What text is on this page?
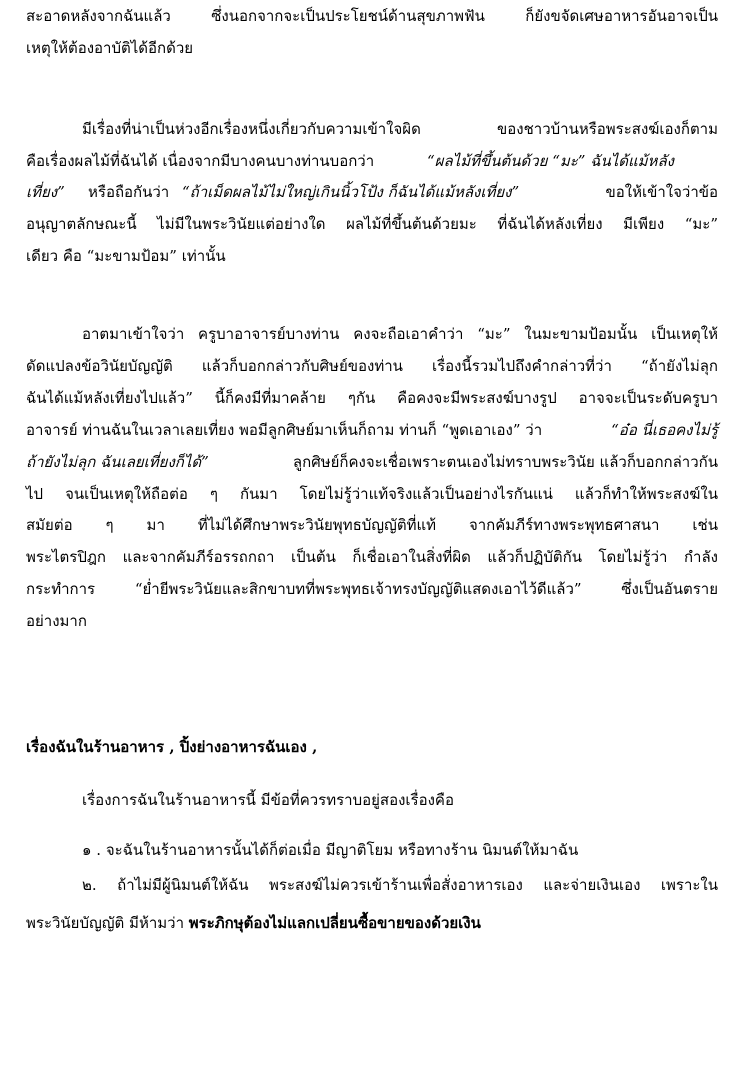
สะอาดหลังจากฉันแล้ว ซึ่งนอกจากจะเป็นประโยชน์ด้านสุขภาพฟัน ก็ยังขจัดเศษอาหารอันอาจเป็น
เหตุให้ต้องอาบัติได้อีกด้วย
มีเรื่องที่น่าเป็นห่วงอีกเรื่องหนึ่งเกี่ยวกับความเข้าใจผิด ของชาวบ้านหรือพระสงฆ์เองก็ตาม
คือเรื่องผลไม้ที่ฉันได้ เนื่องจากมีบางคนบางท่านบอกว่า	“ผลไม้ที่ขึ้นต้นด้วย “มะ” ฉันได้แม้หลัง
เที่ยง” หรือถือกันว่า “ถ้าเม็ดผลไม้ไม่ใหญ่เกินนิ้วโป้ง ก็ฉันได้แม้หลังเที่ยง”	ขอให้เข้าใจว่าข้อ
อนุญาตลักษณะนี้ ไม่มีในพระวินัยแต่อย่างใด ผลไม้ที่ขึ้นต้นด้วยมะ ที่ฉันได้หลังเที่ยง มีเพียง “มะ”
เดียว คือ “มะขามป้อม” เท่านั้น
อาตมาเข้าใจว่า ครูบาอาจารย์บางท่าน คงจะถือเอาคำว่า “มะ” ในมะขามป้อมนั้น เป็นเหตุให้
ดัดแปลงข้อวินัยบัญญัติ แล้วก็บอกกล่าวกับศิษย์ของท่าน เรื่องนี้รวมไปถึงคำกล่าวที่ว่า “ถ้ายังไม่ลุก
ฉันได้แม้หลังเที่ยงไปแล้ว” นี้ก็คงมีที่มาคล้าย ๆกัน คือคงจะมีพระสงฆ์บางรูป อาจจะเป็นระดับครูบา
อาจารย์ ท่านฉันในเวลาเลยเที่ยง พอมีลูกศิษย์มาเห็นก็ถาม ท่านก็ “พูดเอาเอง” ว่า	“อ๋อ นี่เธอคงไม่รู้
ถ้ายังไม่ลุก ฉันเลยเที่ยงก็ได้”	ลูกศิษย์ก็คงจะเชื่อเพราะตนเองไม่ทราบพระวินัย แล้วก็บอกกล่าวกัน
ไป จนเป็นเหตุให้ถือต่อ ๆ กันมา โดยไม่รู้ว่าแท้จริงแล้วเป็นอย่างไรกันแน่ แล้วก็ทำให้พระสงฆ์ใน
สมัยต่อ ๆ มา ที่ไม่ได้ศึกษาพระวินัยพุทธบัญญัติที่แท้ จากคัมภีร์ทางพระพุทธศาสนา เช่น
พระไตรปิฎก และจากคัมภีร์อรรถกถา เป็นต้น ก็เชื่อเอาในสิ่งที่ผิด แล้วก็ปฏิบัติกัน โดยไม่รู้ว่า กำลัง
กระทำการ “ย่ำยีพระวินัยและสิกขาบทที่พระพุทธเจ้าทรงบัญญัติแสดงเอาไว้ดีแล้ว” ซึ่งเป็นอันตราย
อย่างมาก
เรื่องฉันในร้านอาหาร , ปิ้งย่างอาหารฉันเอง ,
เรื่องการฉันในร้านอาหารนี้ มีข้อที่ควรทราบอยู่สองเรื่องคือ
๑ . จะฉันในร้านอาหารนั้นได้ก็ต่อเมื่อ มีญาติโยม หรือทางร้าน นิมนต์ให้มาฉัน
๒. ถ้าไม่มีผู้นิมนต์ให้ฉัน พระสงฆ์ไม่ควรเข้าร้านเพื่อสั่งอาหารเอง และจ่ายเงินเอง เพราะใน
พระวินัยบัญญัติ มีห้ามว่า พระภิกษุต้องไม่แลกเปลี่ยนซื้อขายของด้วยเงิน
